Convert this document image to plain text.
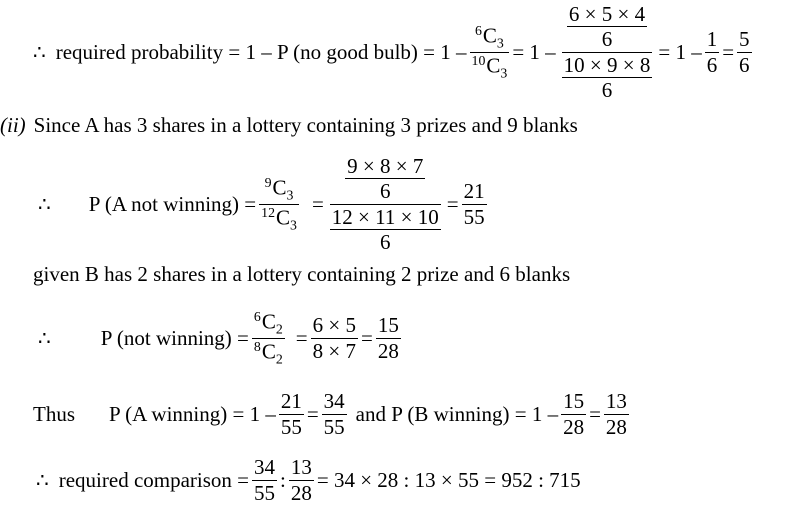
∴ required probability = 1 – P (no good bulb) = $1 - \frac{^6C_3}{^{10}C_3} = 1 - \frac{\frac{6 \times 5 \times 4}{6}}{\frac{10 \times 9 \times 8}{6}} = 1 - \frac{1}{6} = \frac{5}{6}$
(ii) Since A has 3 shares in a lottery containing 3 prizes and 9 blanks
∴ P (A not winning) = $\frac{^9C_3}{^{12}C_3} = \frac{\frac{9 \times 8 \times 7}{6}}{\frac{12 \times 11 \times 10}{6}} = \frac{21}{55}$
given B has 2 shares in a lottery containing 2 prize and 6 blanks
∴ P (not winning) = $\frac{^6C_2}{^8C_2} = \frac{6 \times 5}{8 \times 7} = \frac{15}{28}$
Thus P (A winning) = $1 - \frac{21}{55} = \frac{34}{55}$ and P (B winning) = $1 - \frac{15}{28} = \frac{13}{28}$
∴ required comparison = $\frac{34}{55}$ : $\frac{13}{28} = 34 \times 28$ : 13 × 55 = 952 : 715
